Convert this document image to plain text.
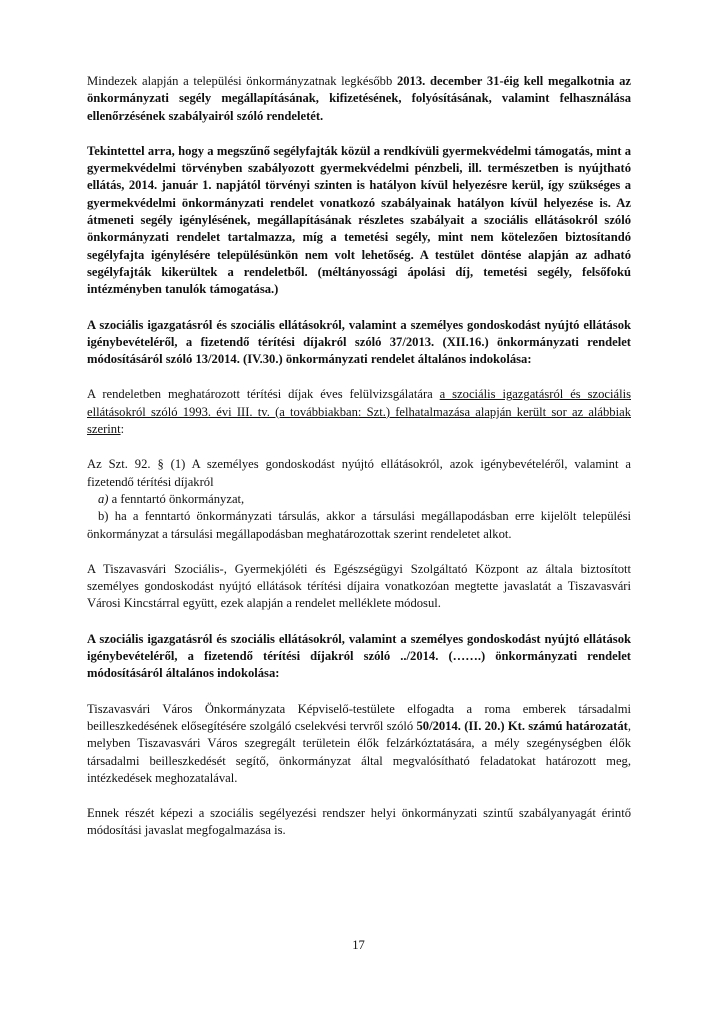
Mindezek alapján a települési önkormányzatnak legkésőbb 2013. december 31-éig kell megalkotnia az önkormányzati segély megállapításának, kifizetésének, folyósításának, valamint felhasználása ellenőrzésének szabályairól szóló rendeletét.

Tekintettel arra, hogy a megszűnő segélyfajták közül a rendkívüli gyermekvédelmi támogatás, mint a gyermekvédelmi törvényben szabályozott gyermekvédelmi pénzbeli, ill. természetben is nyújtható ellátás, 2014. január 1. napjától törvényi szinten is hatályon kívül helyezésre kerül, így szükséges a gyermekvédelmi önkormányzati rendelet vonatkozó szabályainak hatályon kívül helyezése is. Az átmeneti segély igénylésének, megállapításának részletes szabályait a szociális ellátásokról szóló önkormányzati rendelet tartalmazza, míg a temetési segély, mint nem kötelezően biztosítandó segélyfajta igénylésére településünkön nem volt lehetőség. A testület döntése alapján az adható segélyfajták kikerültek a rendeletből. (méltányossági ápolási díj, temetési segély, felsőfokú intézményben tanulók támogatása.)

A szociális igazgatásról és szociális ellátásokról, valamint a személyes gondoskodást nyújtó ellátások igénybevételéről, a fizetendő térítési díjakról szóló 37/2013. (XII.16.) önkormányzati rendelet módosításáról szóló 13/2014. (IV.30.) önkormányzati rendelet általános indokolása:

A rendeletben meghatározott térítési díjak éves felülvizsgálatára a szociális igazgatásról és szociális ellátásokról szóló 1993. évi III. tv. (a továbbiakban: Szt.) felhatalmazása alapján került sor az alábbiak szerint:

Az Szt. 92. § (1) A személyes gondoskodást nyújtó ellátásokról, azok igénybevételéről, valamint a fizetendő térítési díjakról
a) a fenntartó önkormányzat,
b) ha a fenntartó önkormányzati társulás, akkor a társulási megállapodásban erre kijelölt települési önkormányzat a társulási megállapodásban meghatározottak szerint rendeletet alkot.

A Tiszavasvári Szociális-, Gyermekjóléti és Egészségügyi Szolgáltató Központ az általa biztosított személyes gondoskodást nyújtó ellátások térítési díjaira vonatkozóan megtette javaslatát a Tiszavasvári Városi Kincstárral együtt, ezek alapján a rendelet melléklete módosul.

A szociális igazgatásról és szociális ellátásokról, valamint a személyes gondoskodást nyújtó ellátások igénybevételéről, a fizetendő térítési díjakról szóló ../2014. (…….) önkormányzati rendelet módosításáról általános indokolása:

Tiszavasvári Város Önkormányzata Képviselő-testülete elfogadta a roma emberek társadalmi beilleszkedésének elősegítésére szolgáló cselekvési tervről szóló 50/2014. (II. 20.) Kt. számú határozatát, melyben Tiszavasvári Város szegregált területein élők felzárkóztatására, a mély szegénységben élők társadalmi beilleszkedését segítő, önkormányzat által megvalósítható feladatokat határozott meg, intézkedések meghozatalával.

Ennek részét képezi a szociális segélyezési rendszer helyi önkormányzati szintű szabályanyagát érintő módosítási javaslat megfogalmazása is.

17
